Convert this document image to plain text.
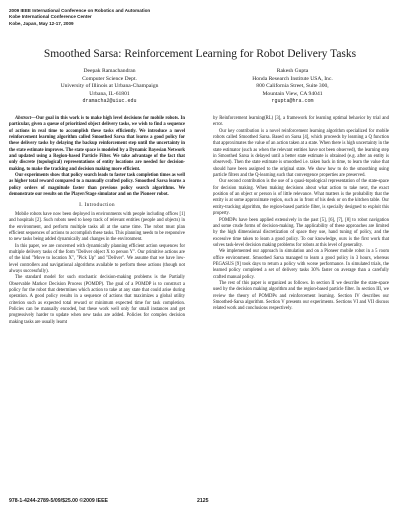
2009 IEEE International Conference on Robotics and Automation
Kobe International Conference Center
Kobe, Japan, May 12-17, 2009
Smoothed Sarsa: Reinforcement Learning for Robot Delivery Tasks
Deepak Ramachandran
Computer Science Dept.
University of Illinois at Urbana-Champaign
Urbana, IL-61801
dramacha2@uiuc.edu
Rakesh Gupta
Honda Research Institute USA, Inc.
800 California Street, Suite 300,
Mountain View, CA 94041
rgupta@hra.com

Abstract—Our goal in this work is to make high level decisions for mobile robots. In particular, given a queue of prioritized object delivery tasks, we wish to find a sequence of actions in real time to accomplish these tasks efficiently. We introduce a novel reinforcement learning algorithm called Smoothed Sarsa that learns a good policy for these delivery tasks by delaying the backup reinforcement step until the uncertainty in the state estimate improves. The state space is modeled by a Dynamic Bayesian Network and updated using a Region-based Particle Filter. We take advantage of the fact that only discrete (topological) representations of entity locations are needed for decision-making, to make the tracking and decision making more efficient.

Our experiments show that policy search leads to faster task completion times as well as higher total reward compared to a manually crafted policy. Smoothed Sarsa learns a policy orders of magnitude faster than previous policy search algorithms. We demonstrate our results on the Player/Stage simulator and on the Pioneer robot.

I. Introduction

Mobile robots have now been deployed in environments with people including offices [1] and hospitals [2]. Such robots need to keep track of relevant entities (people and objects) in the environment, and perform multiple tasks all at the same time. The robot must plan efficient sequences of actions to accomplish these tasks. This planning needs to be responsive to new tasks being added dynamically and changes in the environment.

In this paper, we are concerned with dynamically planning efficient action sequences for multiple delivery tasks of the form "Deliver object X to person Y". Our primitive actions are of the kind "Move to location X", "Pick Up" and "Deliver". We assume that we have low-level controllers and navigational algorithms available to perform these actions (though not always successfully).

The standard model for such stochastic decision-making problems is the Partially Observable Markov Decision Process (POMDP). The goal of a POMDP is to construct a policy for the robot that determines which action to take at any state that could arise during operation. A good policy results in a sequence of actions that maximizes a global utility criterion such as expected total reward or minimum expected time for task completion. Policies can be manually encoded, but these work well only for small instances and get progressively harder to update when new tasks are added. Policies for complex decision making tasks are usually learnt

by Reinforcement learning(RL) [3], a framework for learning optimal behavior by trial and error.

Our key contribution is a novel reinforcement learning algorithm specialized for mobile robots called Smoothed Sarsa. Based on Sarsa [4], which proceeds by learning a Q function that approximates the value of an action taken at a state. When there is high uncertainty in the state estimator (such as when the relevant entities have not been observed), the learning step in Smoothed Sarsa is delayed until a better state estimate is obtained (e.g. after an entity is observed). Then the state estimate is smoothed i.e. taken back in time, to learn the value that should have been assigned to the original state. We show how to do the smoothing using particle filters and the Q-learning such that convergence properties are preserved.

Our second contribution is the use of a quasi-topological representation of the state-space for decision making. When making decisions about what action to take next, the exact position of an object or person is of little relevance. What matters is the probability that the entity is at some approximate region, such as in front of his desk or on the kitchen table. Our entity-tracking algorithm, the region-based particle filter, is specially designed to exploit this property.

POMDPs have been applied extensively in the past [5], [6], [7], [8] to robot navigation and some crude forms of decision-making. The applicability of these approaches are limited by the high dimensional discretization of space they use, hand tuning of policy, and the excessive time taken to learn a good policy. To our knowledge, ours is the first work that solves task-level decision making problems for robots at this level of generality.

We implemented our approach in simulation and on a Pioneer mobile robot in a 5 room office environment. Smoothed Sarsa managed to learn a good policy in 3 hours, whereas PEGASUS [9] took days to return a policy with worse performance. In simulated trials, the learned policy completed a set of delivery tasks 30% faster on average than a carefully crafted manual policy.

The rest of this paper is organized as follows. In section II we describe the state-space used by the decision making algorithm and the region-based particle filter. In section III, we review the theory of POMDPs and reinforcement learning. Section IV describes our Smoothed-Sarsa algorithm. Section V presents our experiments. Sections VI and VII discuss related work and conclusions respectively.

978-1-4244-2789-5/09/$25.00 ©2009 IEEE	2125
